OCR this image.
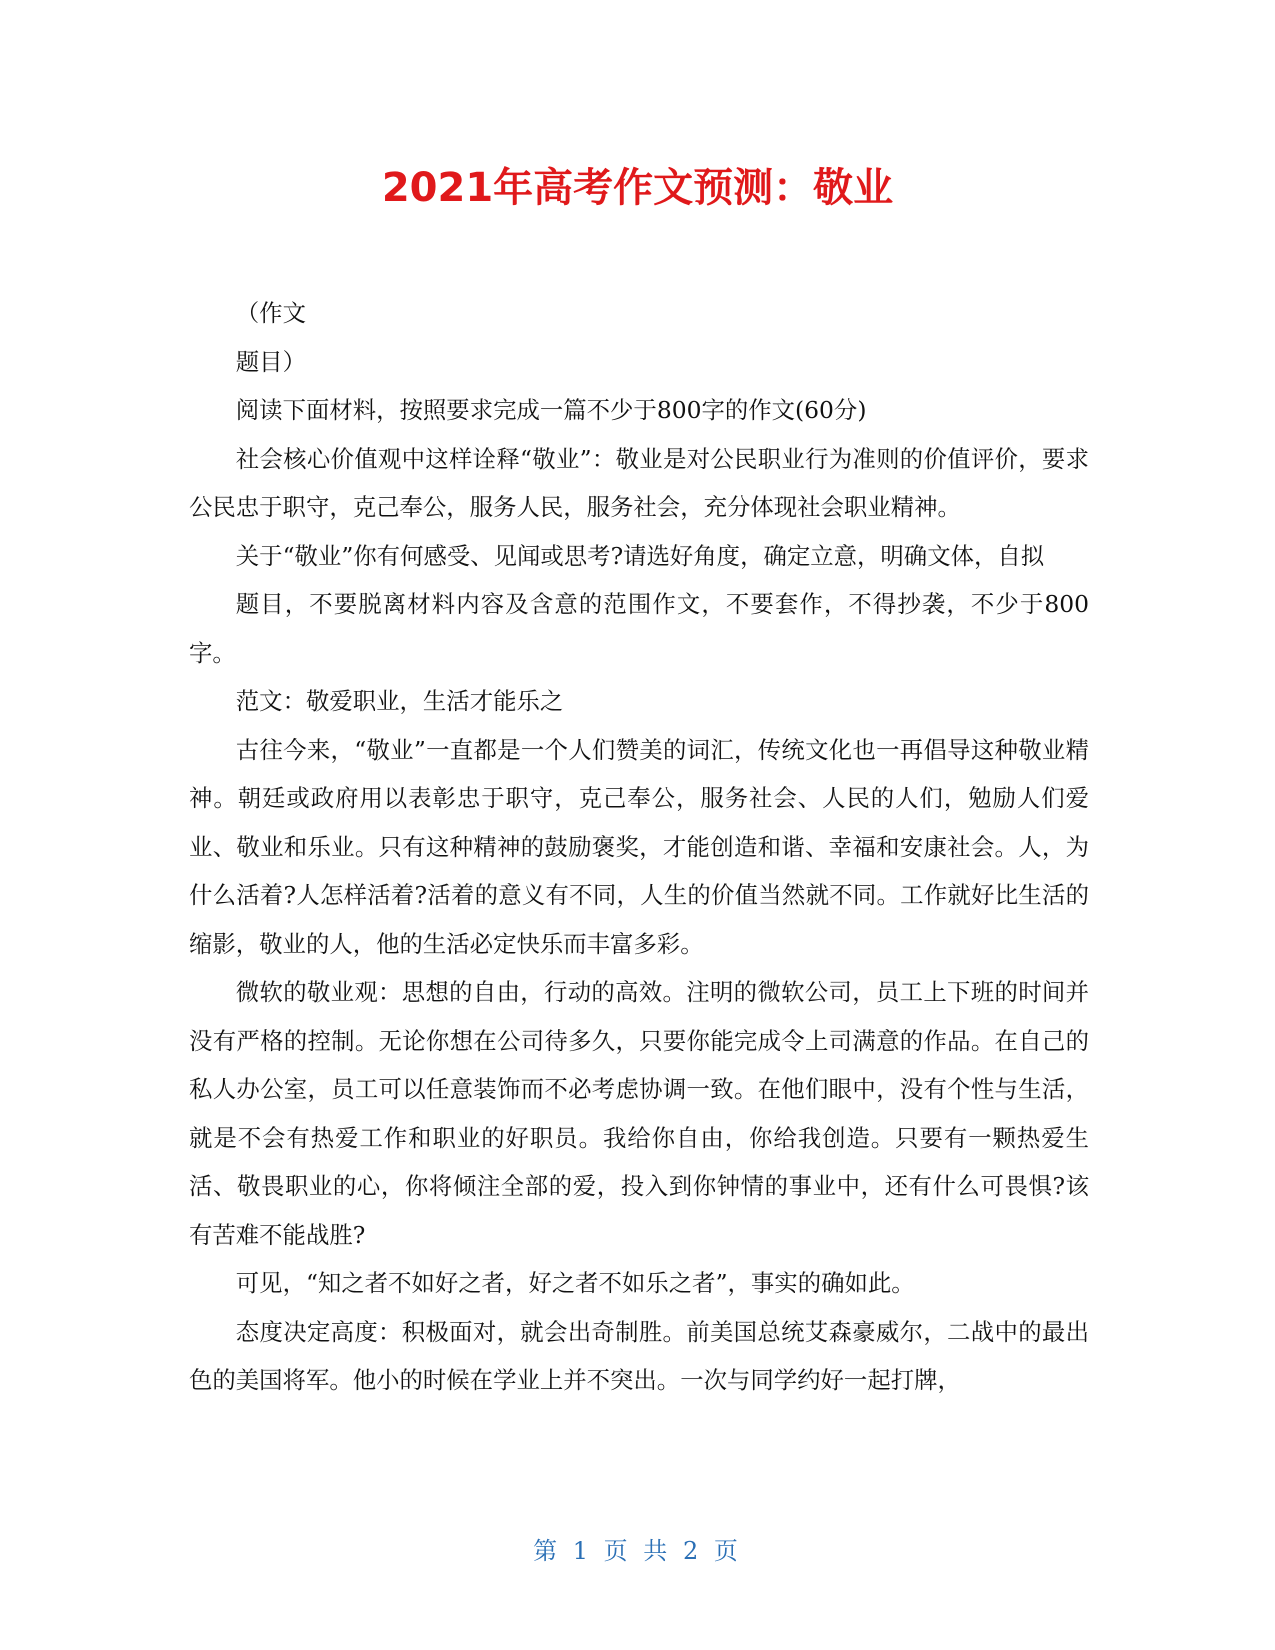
2021年高考作文预测：敬业

（作文

题目）

阅读下面材料，按照要求完成一篇不少于800字的作文(60分)

社会核心价值观中这样诠释“敬业”：敬业是对公民职业行为准则的价值评价，要求公民忠于职守，克己奉公，服务人民，服务社会，充分体现社会职业精神。

关于“敬业”你有何感受、见闻或思考?请选好角度，确定立意，明确文体，自拟

题目，不要脱离材料内容及含意的范围作文，不要套作，不得抄袭，不少于800字。

范文：敬爱职业，生活才能乐之

古往今来，“敬业”一直都是一个人们赞美的词汇，传统文化也一再倡导这种敬业精神。朝廷或政府用以表彰忠于职守，克己奉公，服务社会、人民的人们，勉励人们爱业、敬业和乐业。只有这种精神的鼓励褒奖，才能创造和谐、幸福和安康社会。人，为什么活着?人怎样活着?活着的意义有不同，人生的价值当然就不同。工作就好比生活的缩影，敬业的人，他的生活必定快乐而丰富多彩。

微软的敬业观：思想的自由，行动的高效。注明的微软公司，员工上下班的时间并没有严格的控制。无论你想在公司待多久，只要你能完成令上司满意的作品。在自己的私人办公室，员工可以任意装饰而不必考虑协调一致。在他们眼中，没有个性与生活，就是不会有热爱工作和职业的好职员。我给你自由，你给我创造。只要有一颗热爱生活、敬畏职业的心，你将倾注全部的爱，投入到你钟情的事业中，还有什么可畏惧?该有苦难不能战胜?

可见，“知之者不如好之者，好之者不如乐之者”，事实的确如此。

态度决定高度：积极面对，就会出奇制胜。前美国总统艾森豪威尔，二战中的最出色的美国将军。他小的时候在学业上并不突出。一次与同学约好一起打牌，

第 1 页 共 2 页
